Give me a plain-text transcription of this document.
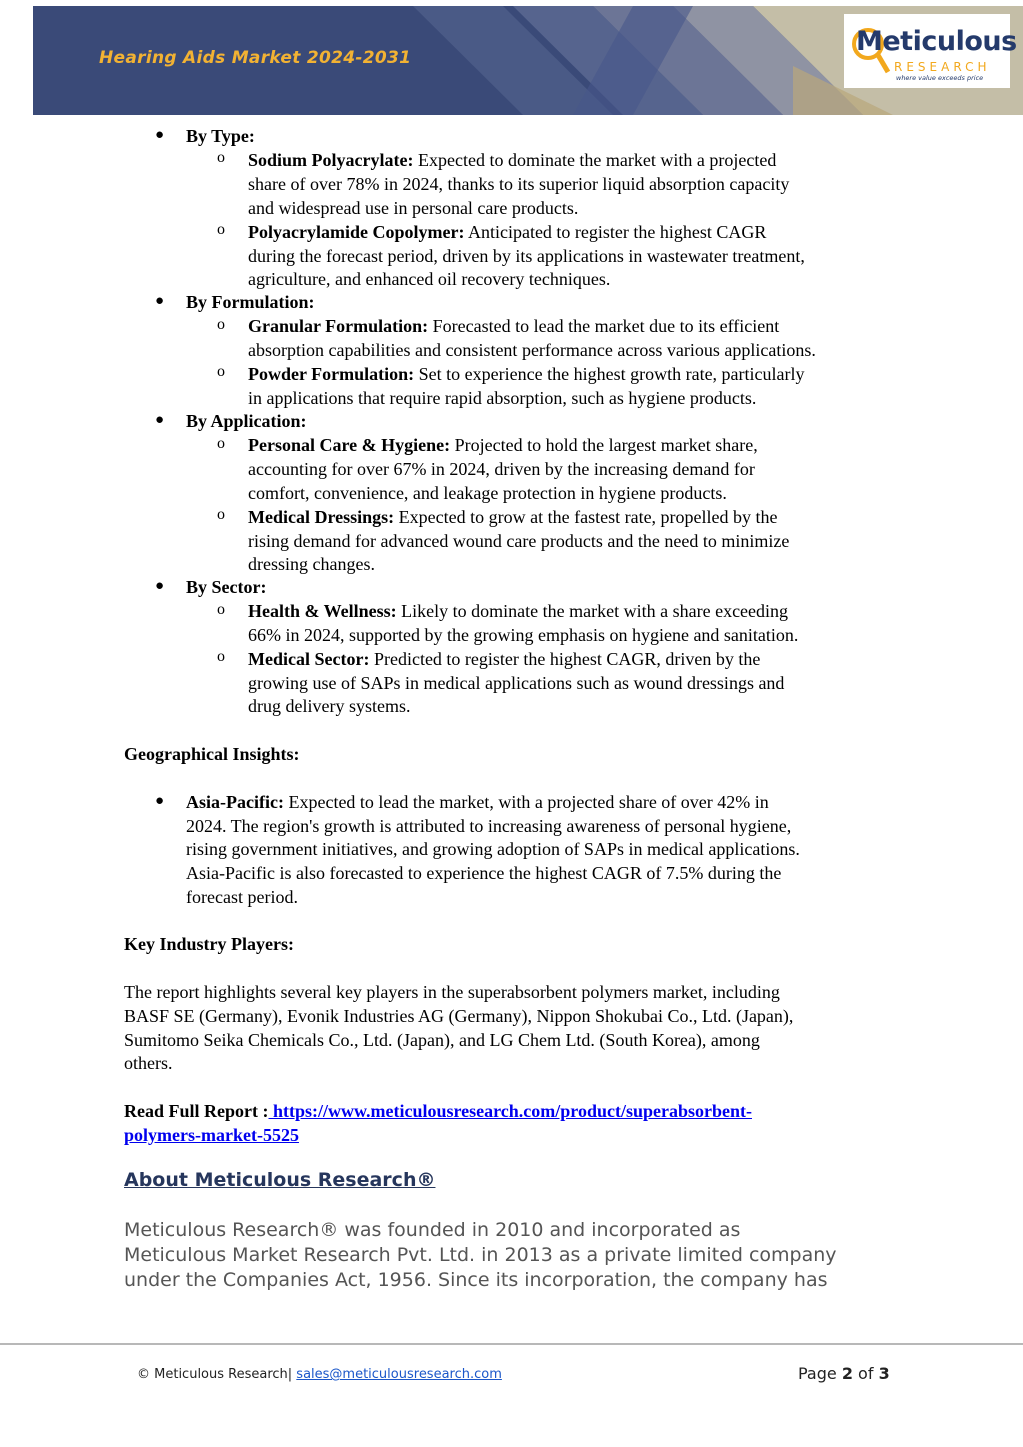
Hearing Aids Market 2024-2031
Meticulous
RESEARCH
where value exceeds price
● By Type:
o Sodium Polyacrylate: Expected to dominate the market with a projected
share of over 78% in 2024, thanks to its superior liquid absorption capacity
and widespread use in personal care products.
o Polyacrylamide Copolymer: Anticipated to register the highest CAGR
during the forecast period, driven by its applications in wastewater treatment,
agriculture, and enhanced oil recovery techniques.
● By Formulation:
o Granular Formulation: Forecasted to lead the market due to its efficient
absorption capabilities and consistent performance across various applications.
o Powder Formulation: Set to experience the highest growth rate, particularly
in applications that require rapid absorption, such as hygiene products.
● By Application:
o Personal Care & Hygiene: Projected to hold the largest market share,
accounting for over 67% in 2024, driven by the increasing demand for
comfort, convenience, and leakage protection in hygiene products.
o Medical Dressings: Expected to grow at the fastest rate, propelled by the
rising demand for advanced wound care products and the need to minimize
dressing changes.
● By Sector:
o Health & Wellness: Likely to dominate the market with a share exceeding
66% in 2024, supported by the growing emphasis on hygiene and sanitation.
o Medical Sector: Predicted to register the highest CAGR, driven by the
growing use of SAPs in medical applications such as wound dressings and
drug delivery systems.
Geographical Insights:
● Asia-Pacific: Expected to lead the market, with a projected share of over 42% in
2024. The region's growth is attributed to increasing awareness of personal hygiene,
rising government initiatives, and growing adoption of SAPs in medical applications.
Asia-Pacific is also forecasted to experience the highest CAGR of 7.5% during the
forecast period.
Key Industry Players:
The report highlights several key players in the superabsorbent polymers market, including
BASF SE (Germany), Evonik Industries AG (Germany), Nippon Shokubai Co., Ltd. (Japan),
Sumitomo Seika Chemicals Co., Ltd. (Japan), and LG Chem Ltd. (South Korea), among
others.
Read Full Report : https://www.meticulousresearch.com/product/superabsorbent-
polymers-market-5525
About Meticulous Research®
Meticulous Research® was founded in 2010 and incorporated as
Meticulous Market Research Pvt. Ltd. in 2013 as a private limited company
under the Companies Act, 1956. Since its incorporation, the company has
© Meticulous Research| sales@meticulousresearch.com	Page 2 of 3
